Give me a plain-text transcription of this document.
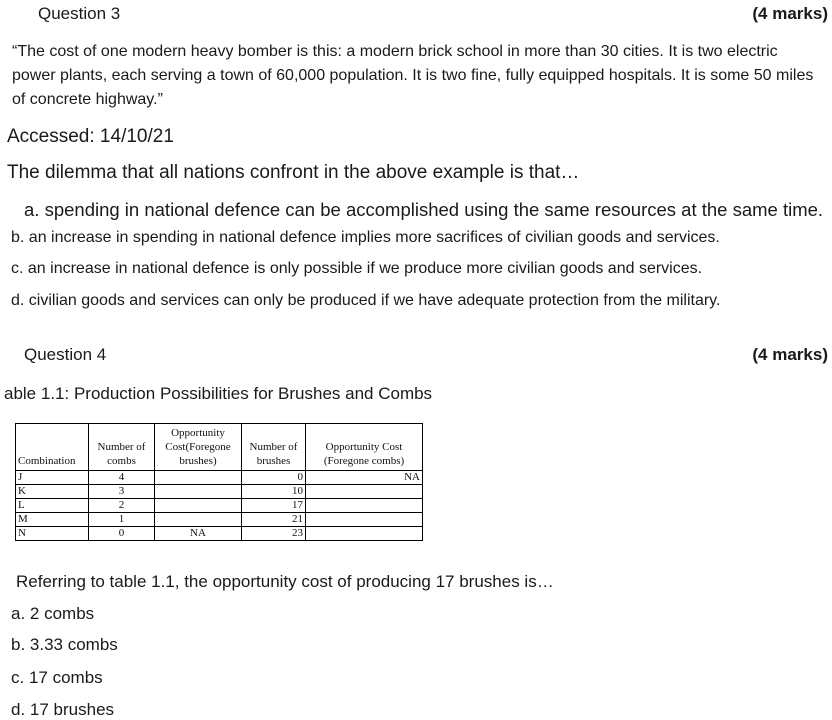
Question 3	(4 marks)
“The cost of one modern heavy bomber is this: a modern brick school in more than 30 cities. It is two electric power plants, each serving a town of 60,000 population. It is two fine, fully equipped hospitals. It is some 50 miles of concrete highway.”
Accessed: 14/10/21
The dilemma that all nations confront in the above example is that…
a. spending in national defence can be accomplished using the same resources at the same time.
b. an increase in spending in national defence implies more sacrifices of civilian goods and services.
c. an increase in national defence is only possible if we produce more civilian goods and services.
d. civilian goods and services can only be produced if we have adequate protection from the military.
Question 4	(4 marks)
able 1.1: Production Possibilities for Brushes and Combs
Combination	Number of combs	Opportunity Cost(Foregone brushes)	Number of brushes	Opportunity Cost (Foregone combs)
J	4		0	NA
K	3		10	
L	2		17	
M	1		21	
N	0	NA	23	
Referring to table 1.1, the opportunity cost of producing 17 brushes is…
a. 2 combs
b. 3.33 combs
c. 17 combs
d. 17 brushes
